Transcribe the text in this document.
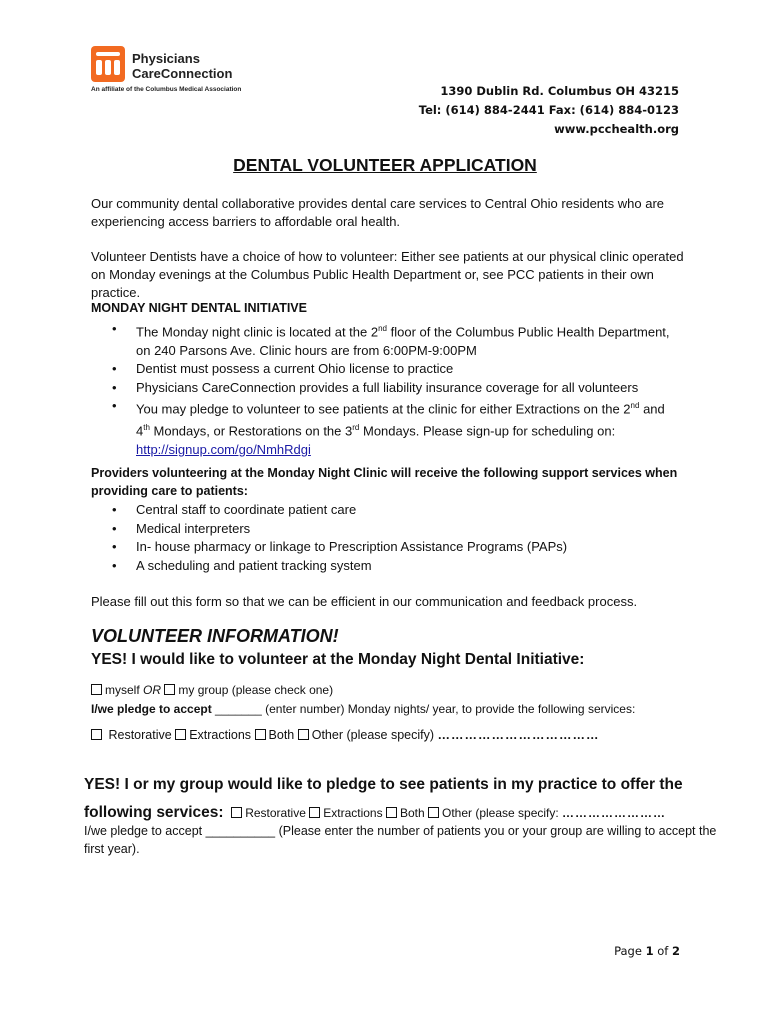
Physicians
CareConnection
An affiliate of the Columbus Medical Association	1390 Dublin Rd. Columbus OH 43215
Tel: (614) 884-2441 Fax: (614) 884-0123
www.pcchealth.org
DENTAL VOLUNTEER APPLICATION
Our community dental collaborative provides dental care services to Central Ohio residents who are experiencing access barriers to affordable oral health.
Volunteer Dentists have a choice of how to volunteer: Either see patients at our physical clinic operated on Monday evenings at the Columbus Public Health Department or, see PCC patients in their own practice.
MONDAY NIGHT DENTAL INITIATIVE
• The Monday night clinic is located at the 2nd floor of the Columbus Public Health Department, on 240 Parsons Ave. Clinic hours are from 6:00PM-9:00PM
• Dentist must possess a current Ohio license to practice
• Physicians CareConnection provides a full liability insurance coverage for all volunteers
• You may pledge to volunteer to see patients at the clinic for either Extractions on the 2nd and 4th Mondays, or Restorations on the 3rd Mondays. Please sign-up for scheduling on:
http://signup.com/go/NmhRdgi
Providers volunteering at the Monday Night Clinic will receive the following support services when providing care to patients:
• Central staff to coordinate patient care
• Medical interpreters
• In- house pharmacy or linkage to Prescription Assistance Programs (PAPs)
• A scheduling and patient tracking system
Please fill out this form so that we can be efficient in our communication and feedback process.
VOLUNTEER INFORMATION!
YES! I would like to volunteer at the Monday Night Dental Initiative:
myself OR my group (please check one)
I/we pledge to accept _______ (enter number) Monday nights/ year, to provide the following services:
Restorative Extractions Both Other (please specify) ………………………………
YES! I or my group would like to pledge to see patients in my practice to offer the following services: Restorative Extractions Both Other (please specify: ……………………
I/we pledge to accept __________ (Please enter the number of patients you or your group are willing to accept the first year).
Page 1 of 2
